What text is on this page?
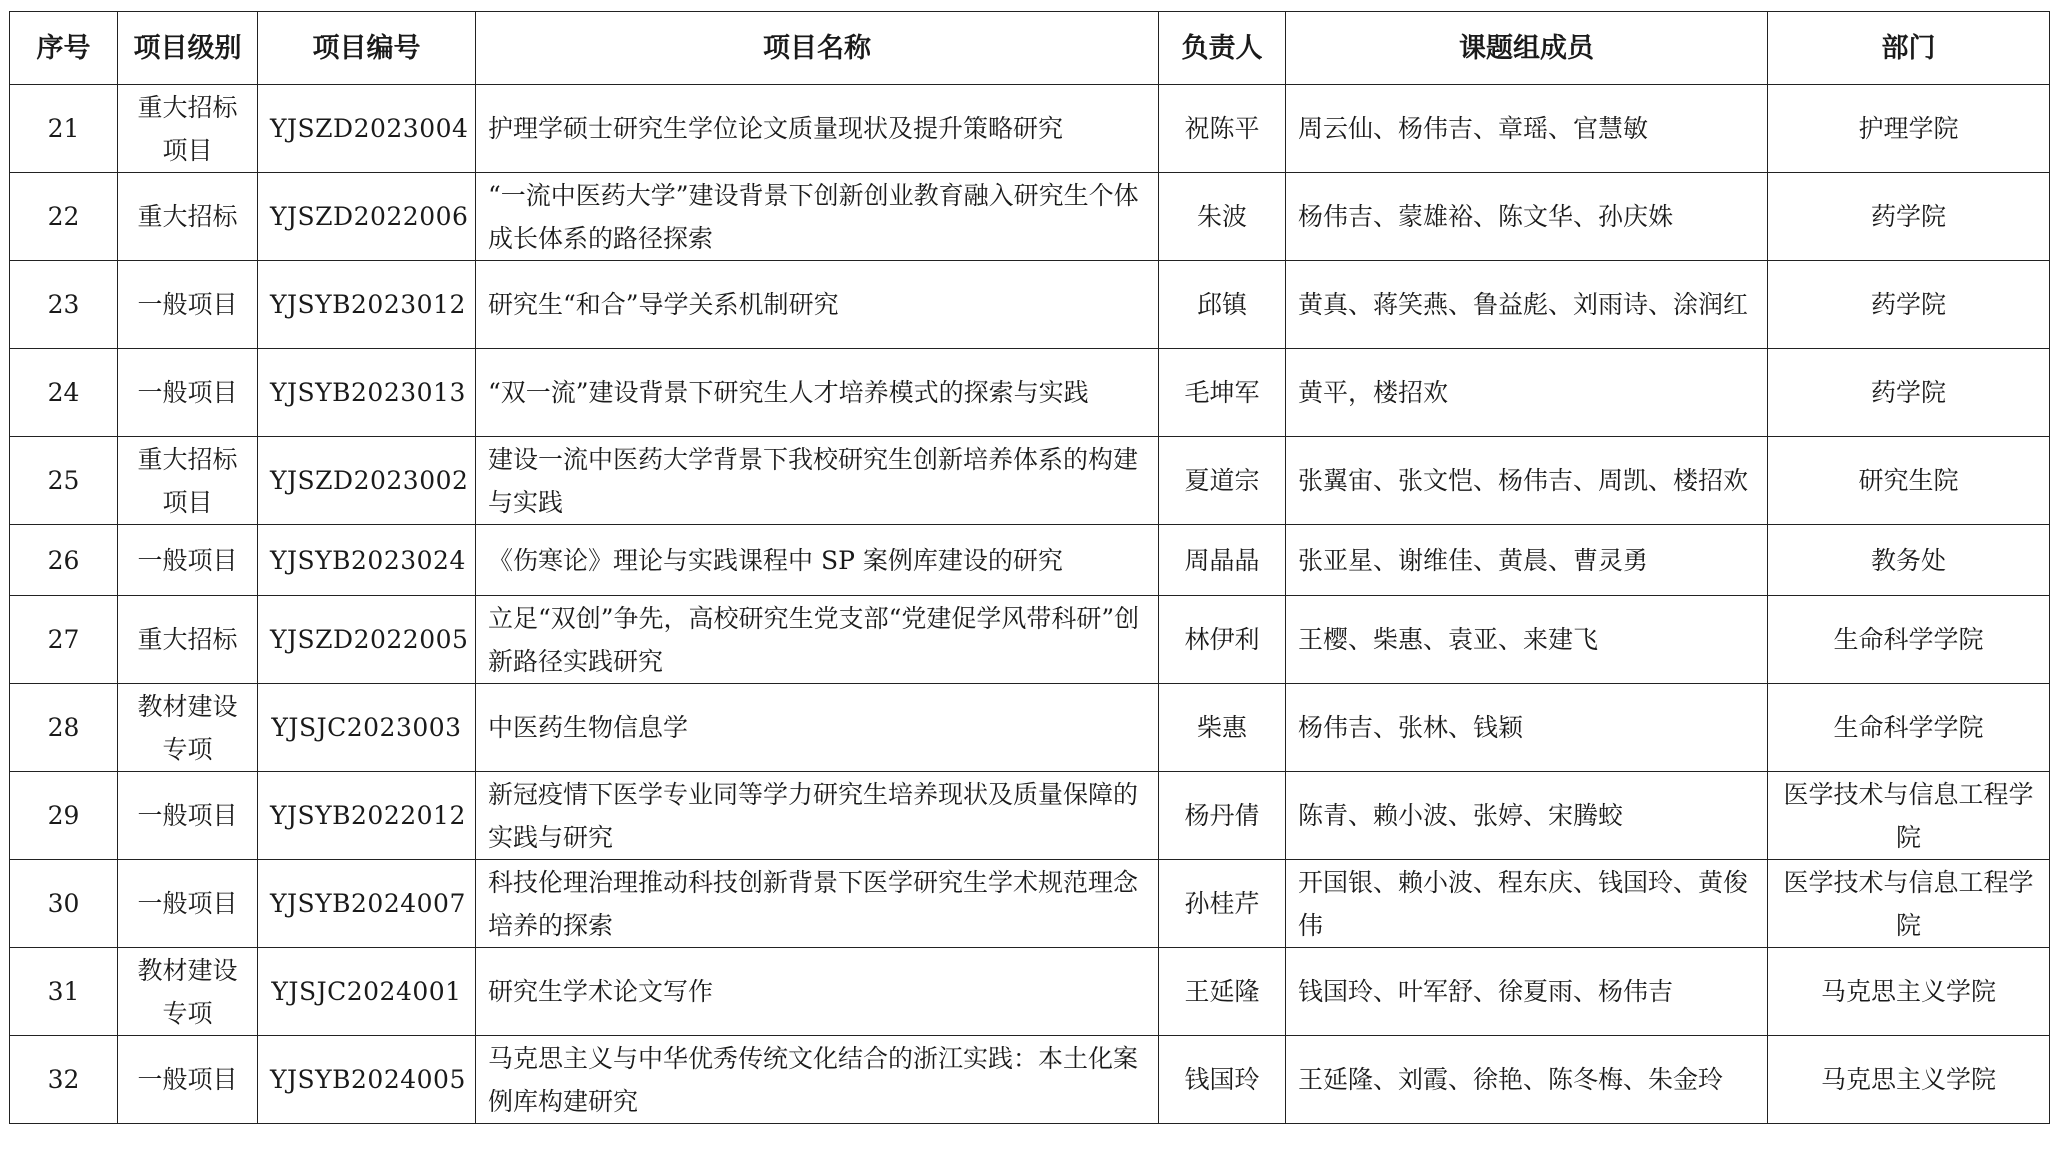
序号	项目级别	项目编号	项目名称	负责人	课题组成员	部门
21	重大招标项目	YJSZD2023004	护理学硕士研究生学位论文质量现状及提升策略研究	祝陈平	周云仙、杨伟吉、章瑶、官慧敏	护理学院
22	重大招标	YJSZD2022006	“一流中医药大学”建设背景下创新创业教育融入研究生个体成长体系的路径探索	朱波	杨伟吉、蒙雄裕、陈文华、孙庆姝	药学院
23	一般项目	YJSYB2023012	研究生“和合”导学关系机制研究	邱镇	黄真、蒋笑燕、鲁益彪、刘雨诗、涂润红	药学院
24	一般项目	YJSYB2023013	“双一流”建设背景下研究生人才培养模式的探索与实践	毛坤军	黄平，楼招欢	药学院
25	重大招标项目	YJSZD2023002	建设一流中医药大学背景下我校研究生创新培养体系的构建与实践	夏道宗	张翼宙、张文恺、杨伟吉、周凯、楼招欢	研究生院
26	一般项目	YJSYB2023024	《伤寒论》理论与实践课程中 SP 案例库建设的研究	周晶晶	张亚星、谢维佳、黄晨、曹灵勇	教务处
27	重大招标	YJSZD2022005	立足“双创”争先，高校研究生党支部“党建促学风带科研”创新路径实践研究	林伊利	王樱、柴惠、袁亚、来建飞	生命科学学院
28	教材建设专项	YJSJC2023003	中医药生物信息学	柴惠	杨伟吉、张林、钱颖	生命科学学院
29	一般项目	YJSYB2022012	新冠疫情下医学专业同等学力研究生培养现状及质量保障的实践与研究	杨丹倩	陈青、赖小波、张婷、宋腾蛟	医学技术与信息工程学院
30	一般项目	YJSYB2024007	科技伦理治理推动科技创新背景下医学研究生学术规范理念培养的探索	孙桂芹	开国银、赖小波、程东庆、钱国玲、黄俊伟	医学技术与信息工程学院
31	教材建设专项	YJSJC2024001	研究生学术论文写作	王延隆	钱国玲、叶军舒、徐夏雨、杨伟吉	马克思主义学院
32	一般项目	YJSYB2024005	马克思主义与中华优秀传统文化结合的浙江实践：本土化案例库构建研究	钱国玲	王延隆、刘霞、徐艳、陈冬梅、朱金玲	马克思主义学院
